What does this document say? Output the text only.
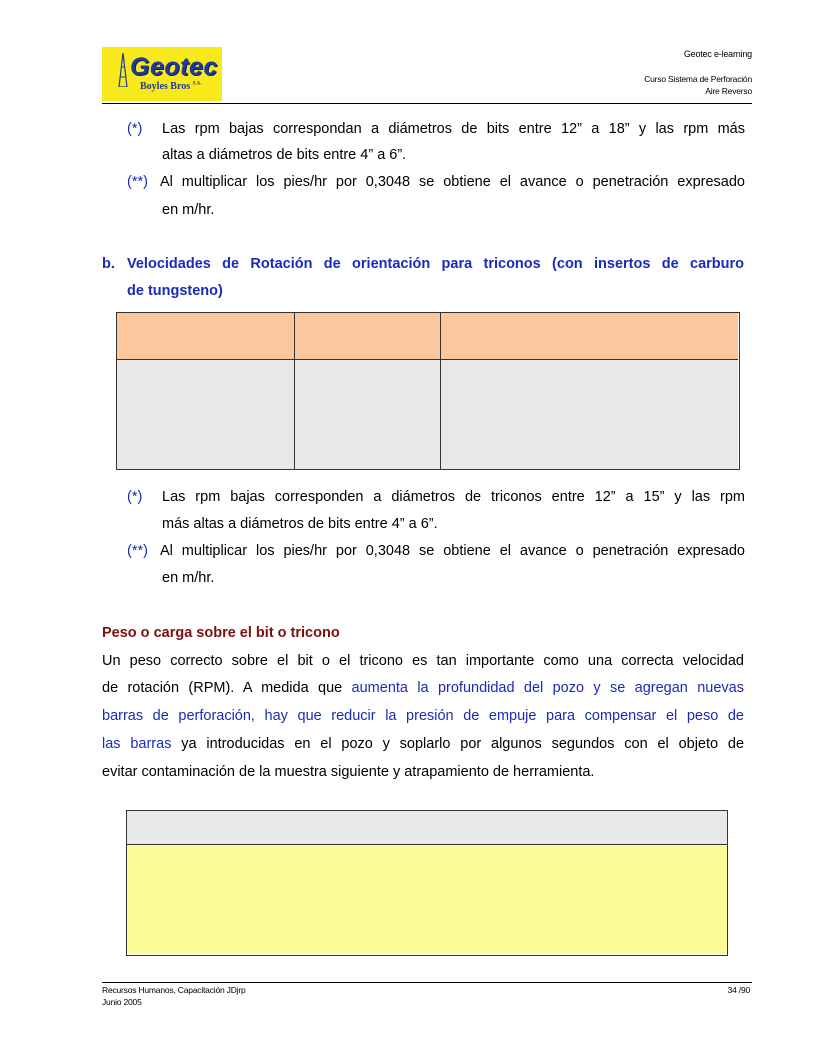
Geotec
Boyles Bros $^{S.A.}$
Geotec e-learning
Curso Sistema de Perforación
Aire Reverso
(*) Las rpm bajas correspondan a diámetros de bits entre 12” a 18” y las rpm más
altas a diámetros de bits entre 4” a 6”.
(**) Al multiplicar los pies/hr por 0,3048 se obtiene el avance o penetración expresado
en m/hr.
b. Velocidades de Rotación de orientación para triconos (con insertos de carburo
de tungsteno)
(*) Las rpm bajas corresponden a diámetros de triconos entre 12” a 15” y las rpm
más altas a diámetros de bits entre 4” a 6”.
(**) Al multiplicar los pies/hr por 0,3048 se obtiene el avance o penetración expresado
en m/hr.
Peso o carga sobre el bit o tricono
Un peso correcto sobre el bit o el tricono es tan importante como una correcta velocidad
de rotación (RPM). A medida que aumenta la profundidad del pozo y se agregan nuevas
barras de perforación, hay que reducir la presión de empuje para compensar el peso de
las barras ya introducidas en el pozo y soplarlo por algunos segundos con el objeto de
evitar contaminación de la muestra siguiente y atrapamiento de herramienta.
Recursos Humanos, Capacitación JDjrp
Junio 2005
34 /90
